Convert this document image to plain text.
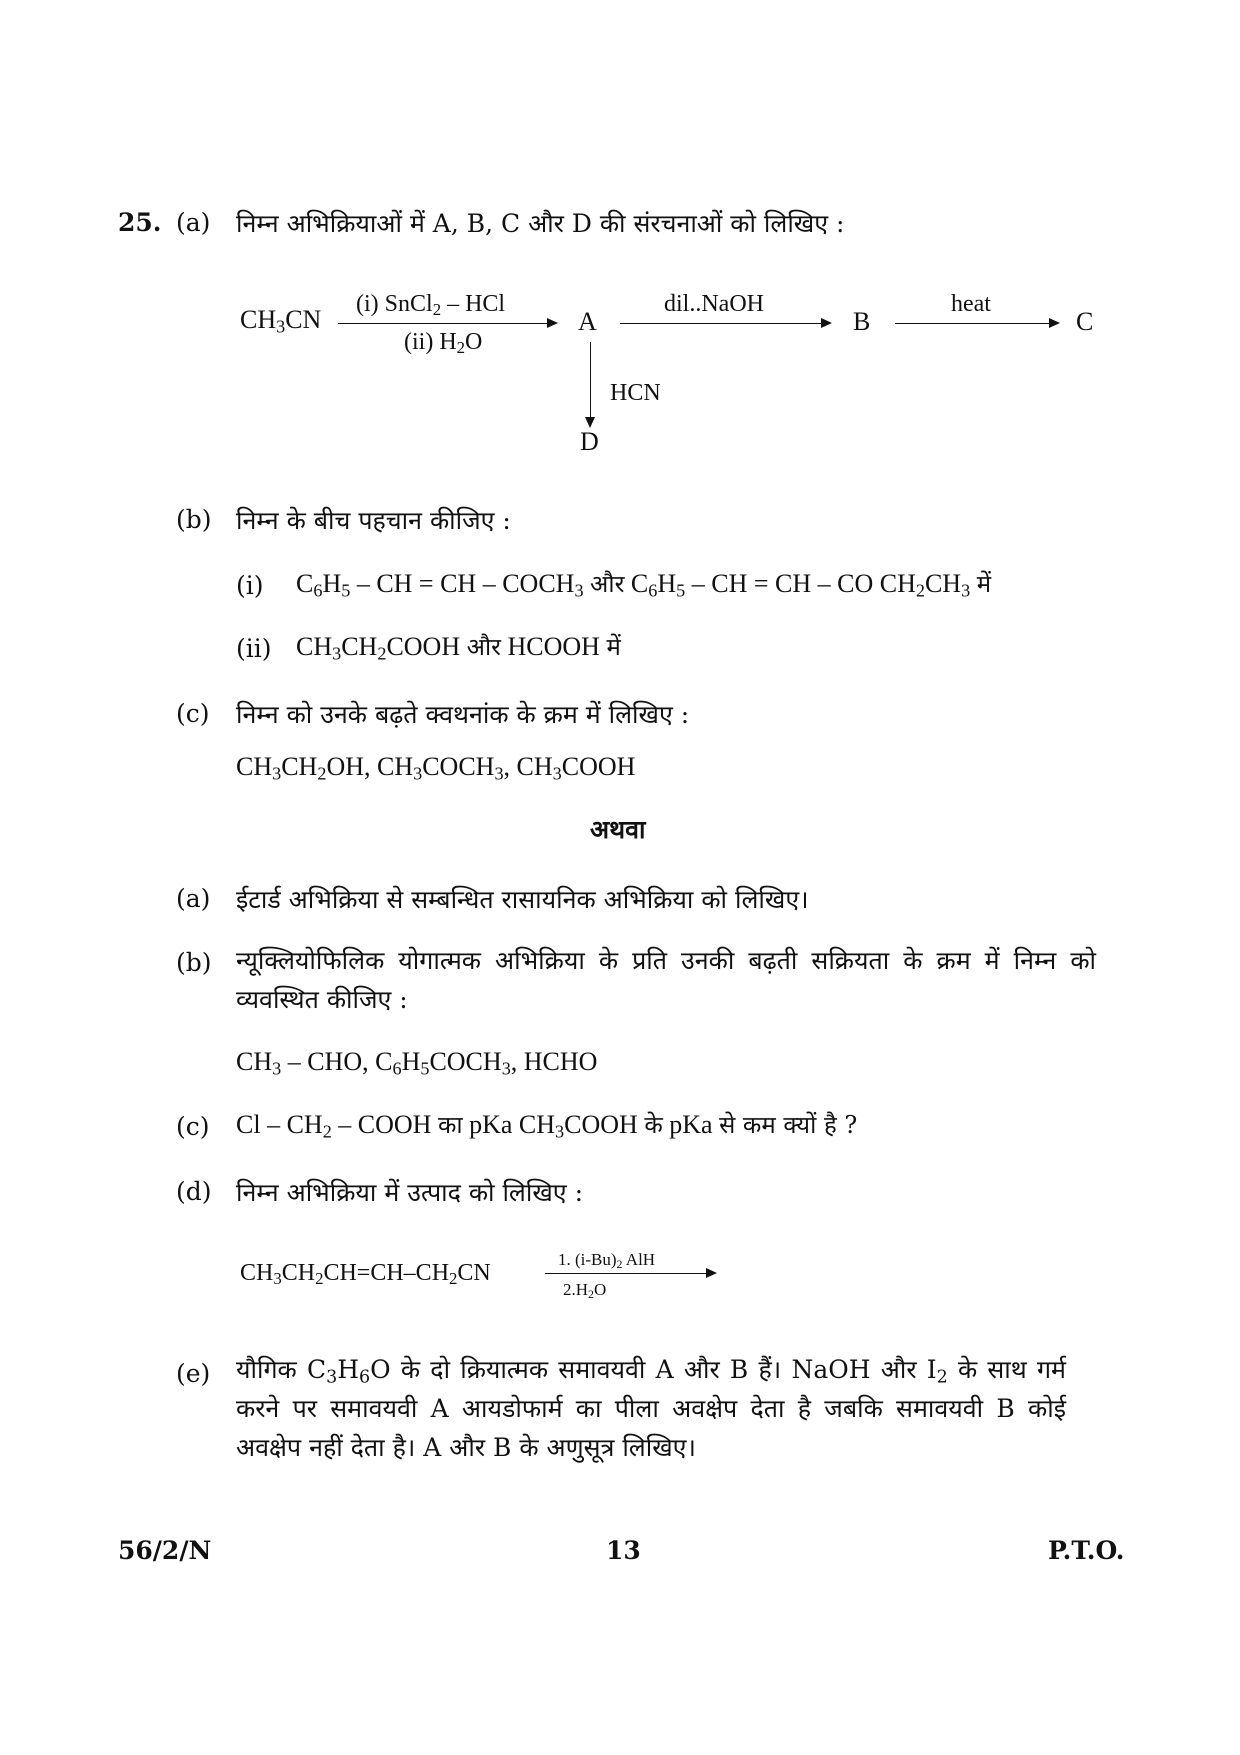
25. (a) निम्न अभिक्रियाओं में A, B, C और D की संरचनाओं को लिखिए :
$CH_3CN$
(i) SnCl$_2$ – HCl
(ii) $H_2O$
A
dil..NaOH
B
heat
C
HCN
D
(b) निम्न के बीच पहचान कीजिए :
(i) $C_6H_5$ – CH = CH – $COCH_3$ और $C_6H_5$ – CH = CH – CO $CH_2CH_3$ में
(ii) $CH_3CH_2COOH$ और HCOOH में
(c) निम्न को उनके बढ़ते क्वथनांक के क्रम में लिखिए :
$CH_3CH_2OH$, $CH_3COCH_3$, $CH_3COOH$
अथवा
(a) ईटार्ड अभिक्रिया से सम्बन्धित रासायनिक अभिक्रिया को लिखिए।
(b) न्यूक्लियोफिलिक योगात्मक अभिक्रिया के प्रति उनकी बढ़ती सक्रियता के क्रम में निम्न को व्यवस्थित कीजिए :
$CH_3$ – CHO, $C_6H_5COCH_3$, HCHO
(c) Cl – $CH_2$ – COOH का pKa $CH_3COOH$ के pKa से कम क्यों है ?
(d) निम्न अभिक्रिया में उत्पाद को लिखिए :
$CH_3CH_2CH=CH-CH_2CN$
1. $(i-Bu)_2$ AlH
$2.H_2O$
(e) यौगिक $C_3H_6O$ के दो क्रियात्मक समावयवी A और B हैं। NaOH और $I_2$ के साथ गर्म करने पर समावयवी A आयडोफार्म का पीला अवक्षेप देता है जबकि समावयवी B कोई अवक्षेप नहीं देता है। A और B के अणुसूत्र लिखिए।
56/2/N	13	P.T.O.
